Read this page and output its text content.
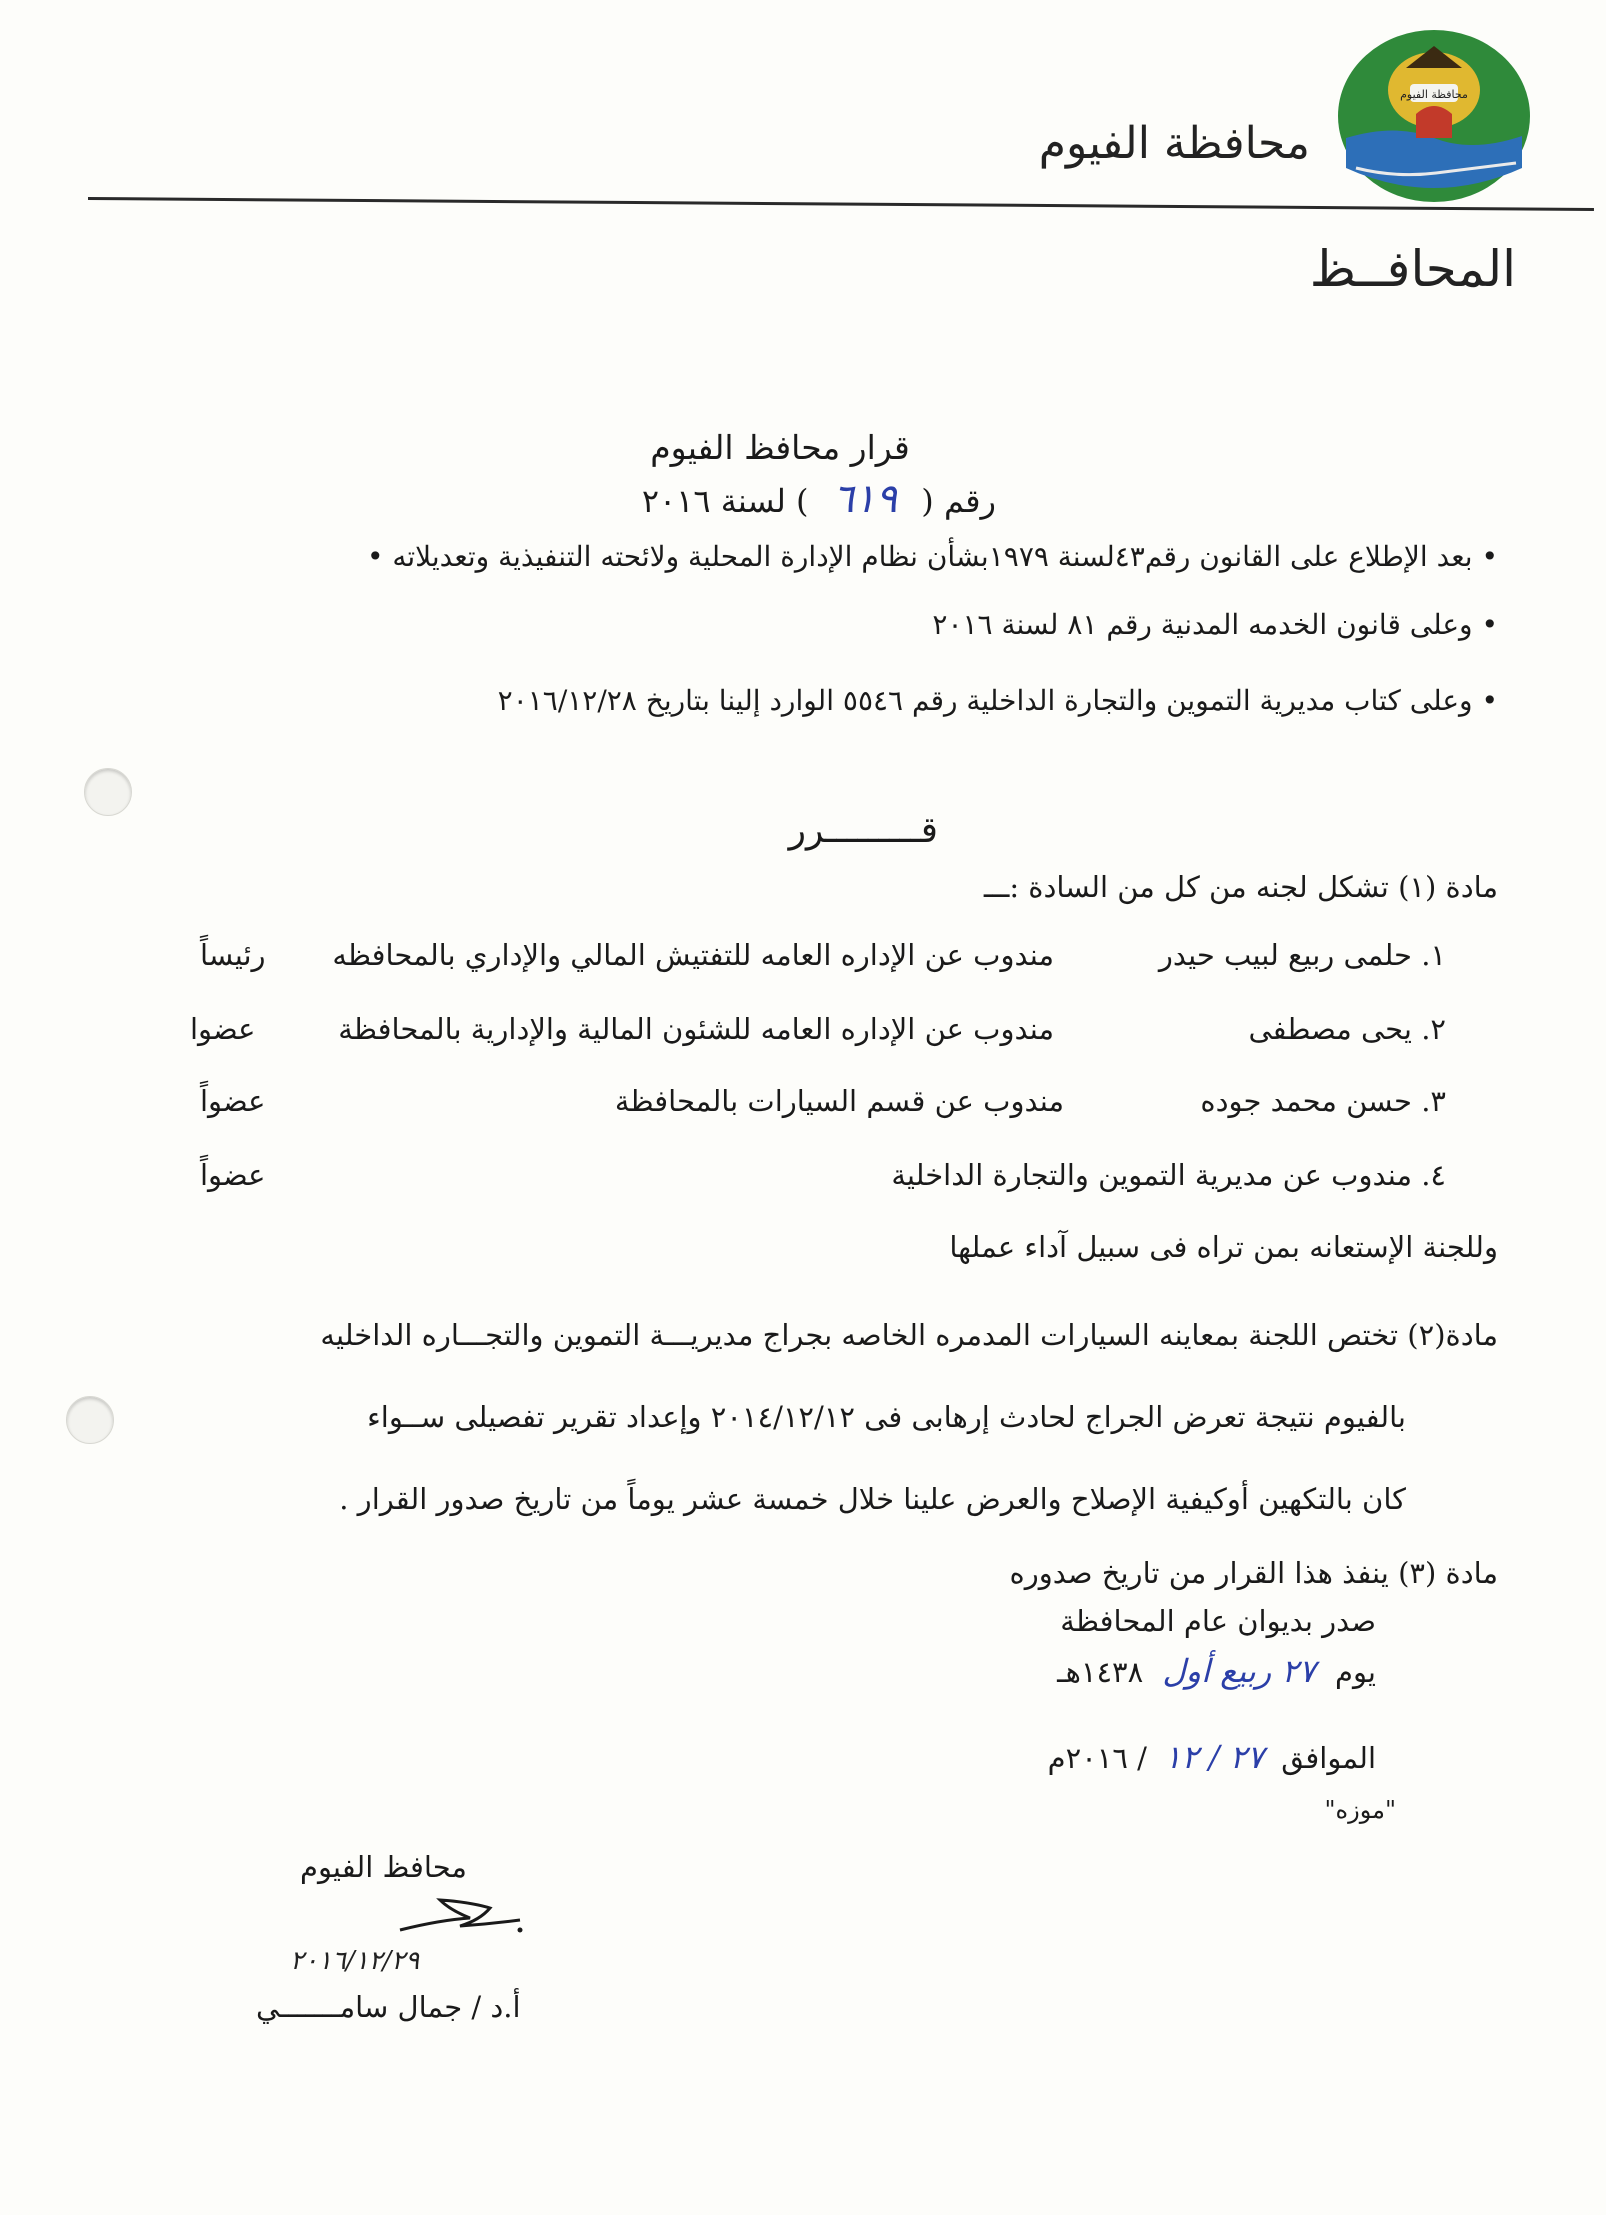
محافظة الفيوم
محافظة الفيوم
المحافــظ
قرار محافظ الفيوم
رقم ( ٦١٩ ) لسنة ٢٠١٦
• بعد الإطلاع على القانون رقم٤٣لسنة ١٩٧٩بشأن نظام الإدارة المحلية ولائحته التنفيذية وتعديلاته •
• وعلى قانون الخدمه المدنية رقم ٨١ لسنة ٢٠١٦
• وعلى كتاب مديرية التموين والتجارة الداخلية رقم ٥٥٤٦ الوارد إلينا بتاريخ ٢٠١٦/١٢/٢٨
قـــــــــرر
مادة (١) تشكل لجنه من كل من السادة :ـــ
١. حلمى ربيع لبيب حيدر
مندوب عن الإداره العامه للتفتيش المالي والإداري بالمحافظه
رئيساً
٢. يحى مصطفى
مندوب عن الإداره العامه للشئون المالية والإدارية بالمحافظة
عضوا
٣. حسن محمد جوده
مندوب عن قسم السيارات بالمحافظة
عضواً
٤. مندوب عن مديرية التموين والتجارة الداخلية
عضواً
وللجنة الإستعانه بمن تراه فى سبيل آداء عملها
مادة(٢) تختص اللجنة بمعاينه السيارات المدمره الخاصه بجراج مديريـــة التموين والتجـــاره الداخليه
بالفيوم نتيجة تعرض الجراج لحادث إرهابى فى ٢٠١٤/١٢/١٢ وإعداد تقرير تفصيلى ســواء
كان بالتكهين أوكيفية الإصلاح والعرض علينا خلال خمسة عشر يوماً من تاريخ صدور القرار .
مادة (٣) ينفذ هذا القرار من تاريخ صدوره
صدر بديوان عام المحافظة
يوم ٢٧ ربيع أول ١٤٣٨هـ
الموافق ٢٧ / ١٢ / ٢٠١٦م
"موزه"
محافظ الفيوم
٢٠١٦/١٢/٢٩
أ.د / جمال سامـــــــي
